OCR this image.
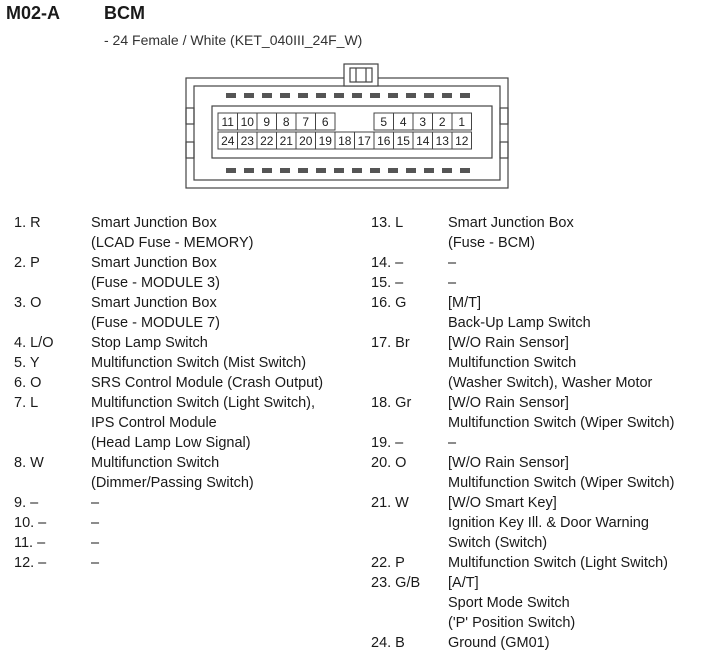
M02-A BCM
- 24 Female / White (KET_040III_24F_W)
11 10 9 8 7 6	5 4 3 2 1
24 23 22 21 20 19 18 17 16 15 14 13 12
1. R	Smart Junction Box
(LCAD Fuse - MEMORY)
2. P	Smart Junction Box
(Fuse - MODULE 3)
3. O	Smart Junction Box
(Fuse - MODULE 7)
4. L/O	Stop Lamp Switch
5. Y	Multifunction Switch (Mist Switch)
6. O	SRS Control Module (Crash Output)
7. L	Multifunction Switch (Light Switch),
IPS Control Module
(Head Lamp Low Signal)
8. W	Multifunction Switch
(Dimmer/Passing Switch)
9. –	–
10. –	–
11. –	–
12. –	–
13. L	Smart Junction Box
(Fuse - BCM)
14. –	–
15. –	–
16. G	[M/T]
Back-Up Lamp Switch
17. Br	[W/O Rain Sensor]
Multifunction Switch
(Washer Switch), Washer Motor
18. Gr	[W/O Rain Sensor]
Multifunction Switch (Wiper Switch)
19. –	–
20. O	[W/O Rain Sensor]
Multifunction Switch (Wiper Switch)
21. W	[W/O Smart Key]
Ignition Key Ill. & Door Warning
Switch (Switch)
22. P	Multifunction Switch (Light Switch)
23. G/B [A/T]
Sport Mode Switch
('P' Position Switch)
24. B	Ground (GM01)
